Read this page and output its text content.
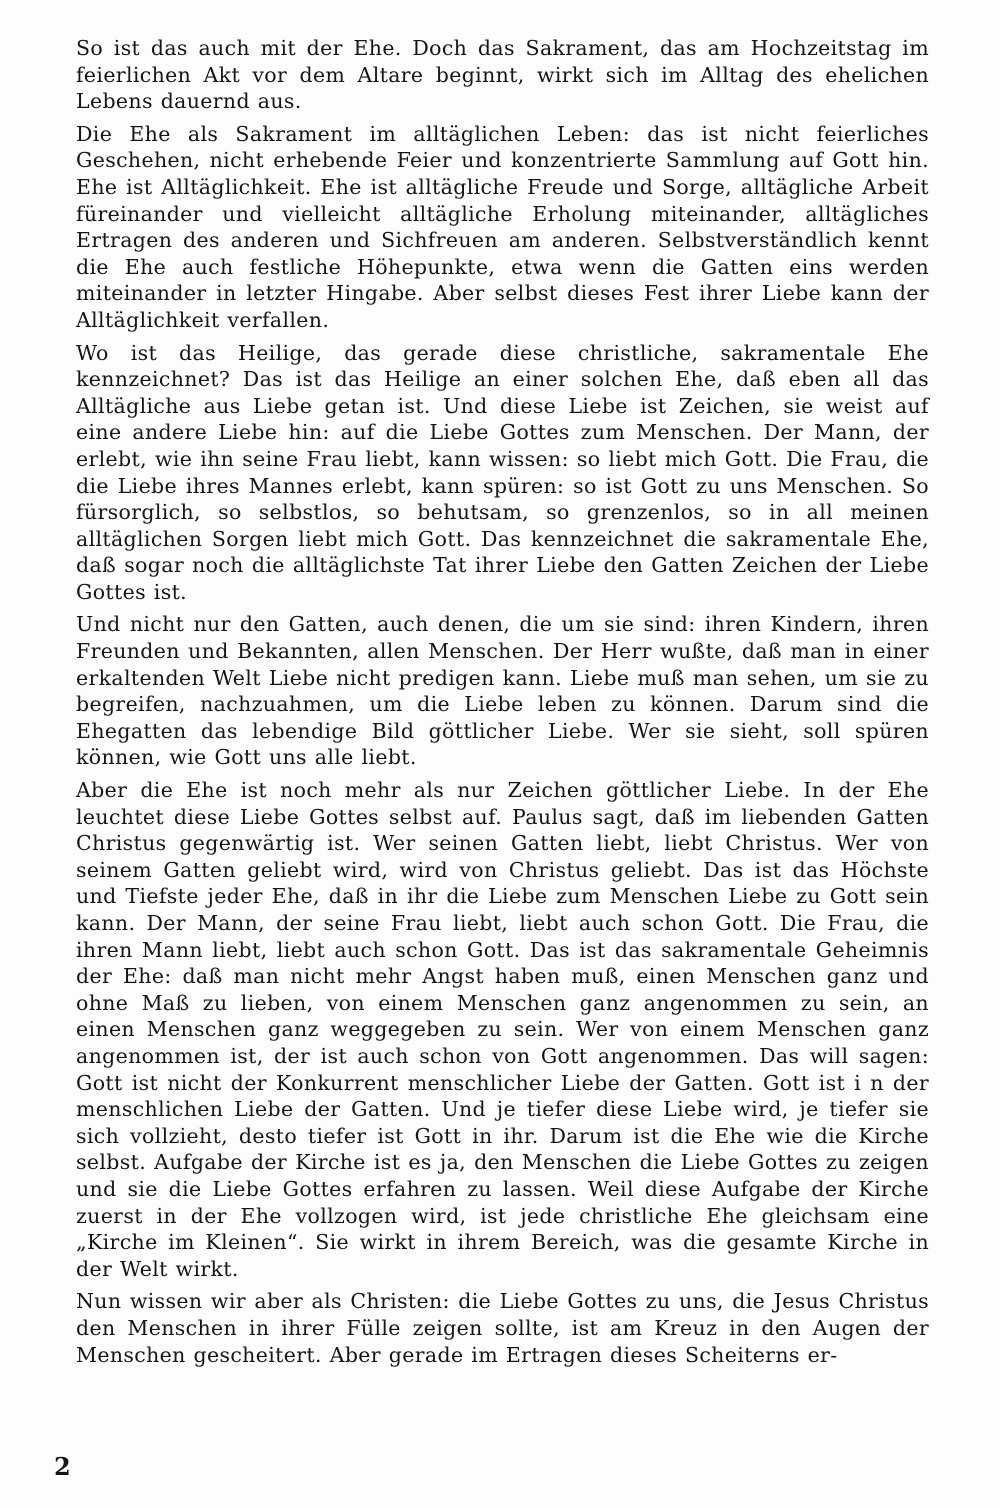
So ist das auch mit der Ehe. Doch das Sakrament, das am Hochzeitstag im feierlichen Akt vor dem Altare beginnt, wirkt sich im Alltag des ehelichen Lebens dauernd aus.

Die Ehe als Sakrament im alltäglichen Leben: das ist nicht feierliches Geschehen, nicht erhebende Feier und konzentrierte Sammlung auf Gott hin. Ehe ist Alltäglichkeit. Ehe ist alltägliche Freude und Sorge, alltägliche Arbeit füreinander und vielleicht alltägliche Erholung miteinander, alltägliches Ertragen des anderen und Sichfreuen am anderen. Selbstverständlich kennt die Ehe auch festliche Höhepunkte, etwa wenn die Gatten eins werden miteinander in letzter Hingabe. Aber selbst dieses Fest ihrer Liebe kann der Alltäglichkeit verfallen.

Wo ist das Heilige, das gerade diese christliche, sakramentale Ehe kennzeichnet? Das ist das Heilige an einer solchen Ehe, daß eben all das Alltägliche aus Liebe getan ist. Und diese Liebe ist Zeichen, sie weist auf eine andere Liebe hin: auf die Liebe Gottes zum Menschen. Der Mann, der erlebt, wie ihn seine Frau liebt, kann wissen: so liebt mich Gott. Die Frau, die die Liebe ihres Mannes erlebt, kann spüren: so ist Gott zu uns Menschen. So fürsorglich, so selbstlos, so behutsam, so grenzenlos, so in all meinen alltäglichen Sorgen liebt mich Gott. Das kennzeichnet die sakramentale Ehe, daß sogar noch die alltäglichste Tat ihrer Liebe den Gatten Zeichen der Liebe Gottes ist.

Und nicht nur den Gatten, auch denen, die um sie sind: ihren Kindern, ihren Freunden und Bekannten, allen Menschen. Der Herr wußte, daß man in einer erkaltenden Welt Liebe nicht predigen kann. Liebe muß man sehen, um sie zu begreifen, nachzuahmen, um die Liebe leben zu können. Darum sind die Ehegatten das lebendige Bild göttlicher Liebe. Wer sie sieht, soll spüren können, wie Gott uns alle liebt.

Aber die Ehe ist noch mehr als nur Zeichen göttlicher Liebe. In der Ehe leuchtet diese Liebe Gottes selbst auf. Paulus sagt, daß im liebenden Gatten Christus gegenwärtig ist. Wer seinen Gatten liebt, liebt Christus. Wer von seinem Gatten geliebt wird, wird von Christus geliebt. Das ist das Höchste und Tiefste jeder Ehe, daß in ihr die Liebe zum Menschen Liebe zu Gott sein kann. Der Mann, der seine Frau liebt, liebt auch schon Gott. Die Frau, die ihren Mann liebt, liebt auch schon Gott. Das ist das sakramentale Geheimnis der Ehe: daß man nicht mehr Angst haben muß, einen Menschen ganz und ohne Maß zu lieben, von einem Menschen ganz angenommen zu sein, an einen Menschen ganz weggegeben zu sein. Wer von einem Menschen ganz angenommen ist, der ist auch schon von Gott angenommen. Das will sagen: Gott ist nicht der Konkurrent menschlicher Liebe der Gatten. Gott ist i n der menschlichen Liebe der Gatten. Und je tiefer diese Liebe wird, je tiefer sie sich vollzieht, desto tiefer ist Gott in ihr. Darum ist die Ehe wie die Kirche selbst. Aufgabe der Kirche ist es ja, den Menschen die Liebe Gottes zu zeigen und sie die Liebe Gottes erfahren zu lassen. Weil diese Aufgabe der Kirche zuerst in der Ehe vollzogen wird, ist jede christliche Ehe gleichsam eine „Kirche im Kleinen“. Sie wirkt in ihrem Bereich, was die gesamte Kirche in der Welt wirkt.

Nun wissen wir aber als Christen: die Liebe Gottes zu uns, die Jesus Christus den Menschen in ihrer Fülle zeigen sollte, ist am Kreuz in den Augen der Menschen gescheitert. Aber gerade im Ertragen dieses Scheiterns er-

2
